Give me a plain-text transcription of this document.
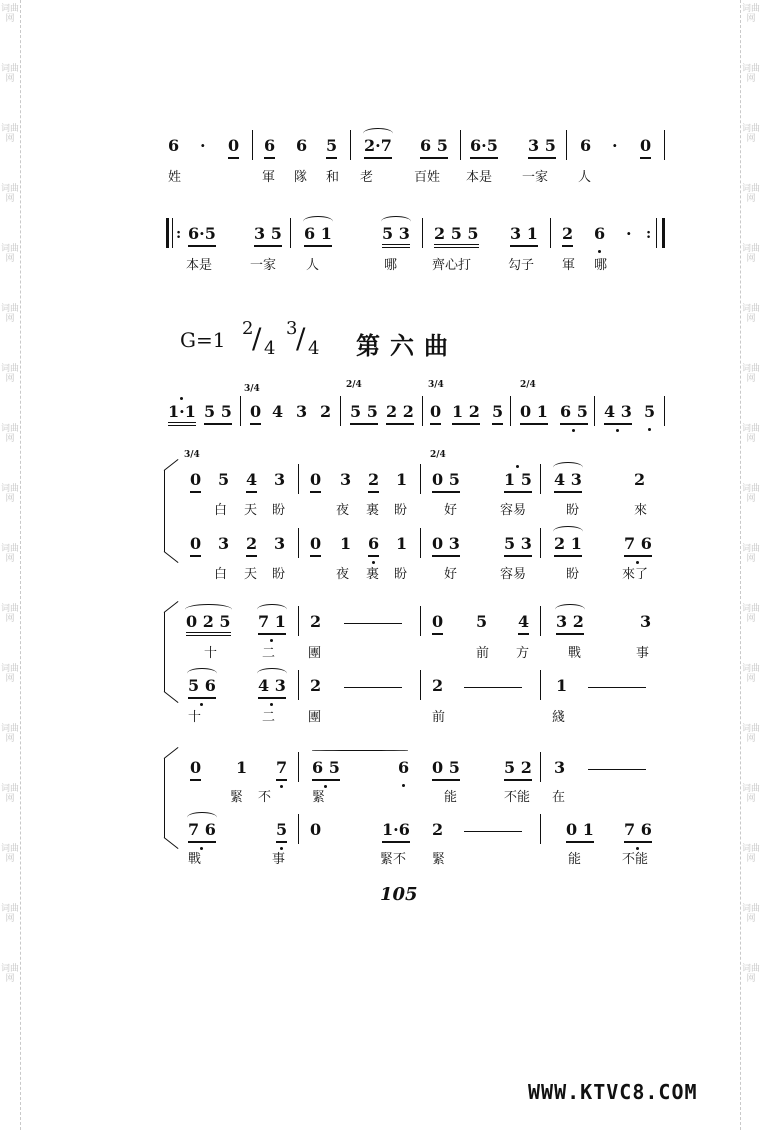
词曲网
词曲网
词曲网
词曲网
词曲网
词曲网
词曲网
词曲网
词曲网
词曲网
词曲网
词曲网
词曲网
词曲网
词曲网
词曲网
词曲网
词曲网
词曲网
词曲网
词曲网
词曲网
词曲网
词曲网
词曲网
词曲网
词曲网
词曲网
词曲网
词曲网
词曲网
词曲网
词曲网
词曲网
6 · 0 6 6 5 2·7 6 5 6·5 3 5 6 · 0
姓	軍 隊 和 老	百姓 本是 一家 人
: 6·5 3 5 6 1	5 3 2 5 5 3 1 2 6 · :
本是	一家 人	哪	齊心打	勾子 軍 哪
G=1 2
/ 4
3
/ 4 第六曲
3/4	2/4	3/4	2/4
1·1 5 5 0 4 3 2 5 5 2 2 0 1 2 5 0 1 6 5 4 3 5
3/4	2/4
0 5 4 3 0 3 2 1 0 5	1 5 4 3	2
白 天 盼	夜 裏 盼	好	容易	盼	來
0 3 2 3 0 1 6 1 0 3	5 3 2 1	7 6
白 天 盼	夜 裏 盼	好	容易	盼	來了
0 2 5 7 1 2	0 5 4 3 2	3
十	二	團	前 方	戰	事
5 6	4 3 2	2	1
十	二	團	前	綫
0 1 7 6 5	6 0 5	5 2 3
緊 不	緊	能	不能 在
7 6	5 0	1·6 2	0 1 7 6
戰	事	緊不 緊	能	不能
105
WWW.KTVC8.COM
